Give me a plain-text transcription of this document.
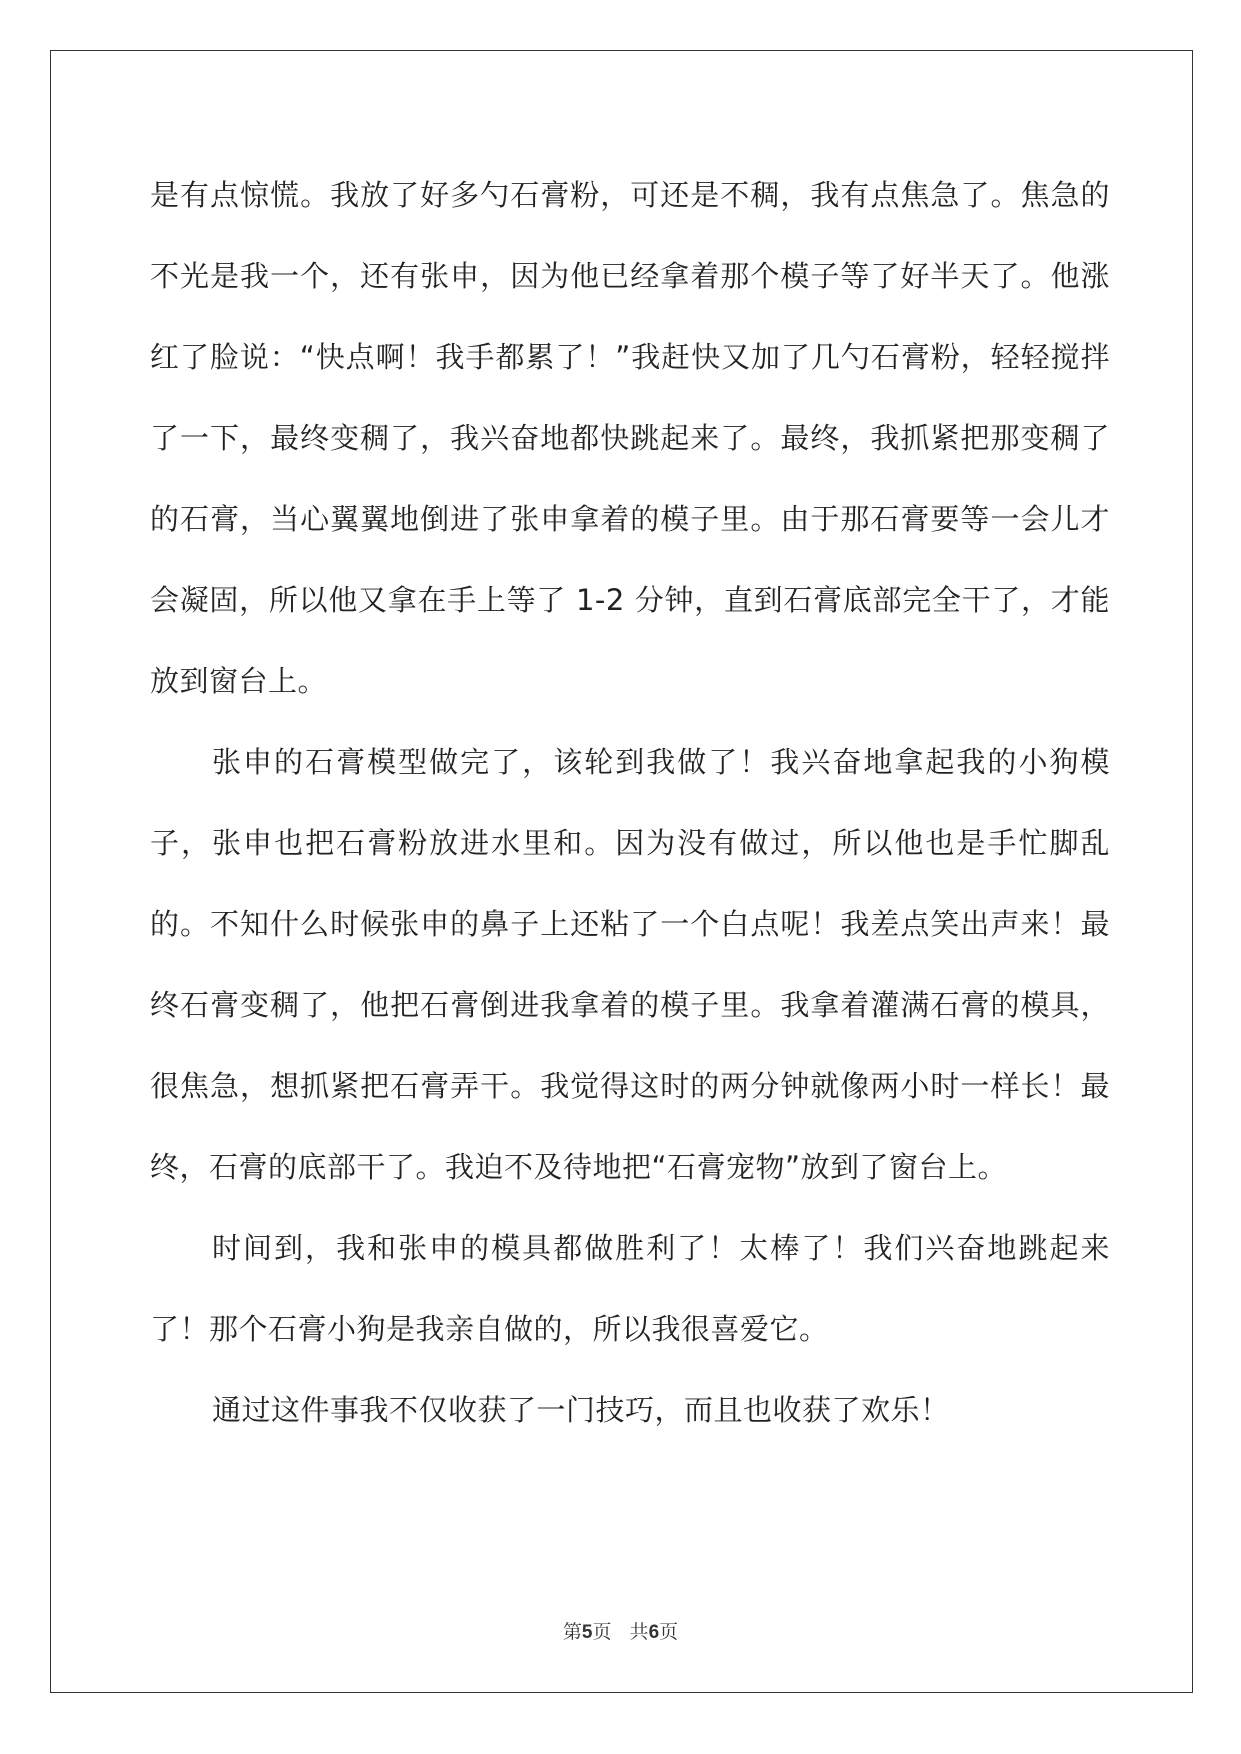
是有点惊慌。我放了好多勺石膏粉，可还是不稠，我有点焦急了。焦急的不光是我一个，还有张申，因为他已经拿着那个模子等了好半天了。他涨红了脸说：“快点啊！我手都累了！”我赶快又加了几勺石膏粉，轻轻搅拌了一下，最终变稠了，我兴奋地都快跳起来了。最终，我抓紧把那变稠了的石膏，当心翼翼地倒进了张申拿着的模子里。由于那石膏要等一会儿才会凝固，所以他又拿在手上等了 1-2 分钟，直到石膏底部完全干了，才能放到窗台上。

张申的石膏模型做完了，该轮到我做了！我兴奋地拿起我的小狗模子，张申也把石膏粉放进水里和。因为没有做过，所以他也是手忙脚乱的。不知什么时候张申的鼻子上还粘了一个白点呢！我差点笑出声来！最终石膏变稠了，他把石膏倒进我拿着的模子里。我拿着灌满石膏的模具，很焦急，想抓紧把石膏弄干。我觉得这时的两分钟就像两小时一样长！最终，石膏的底部干了。我迫不及待地把“石膏宠物”放到了窗台上。

时间到，我和张申的模具都做胜利了！太棒了！我们兴奋地跳起来了！那个石膏小狗是我亲自做的，所以我很喜爱它。

通过这件事我不仅收获了一门技巧，而且也收获了欢乐！

第5页   共6页
